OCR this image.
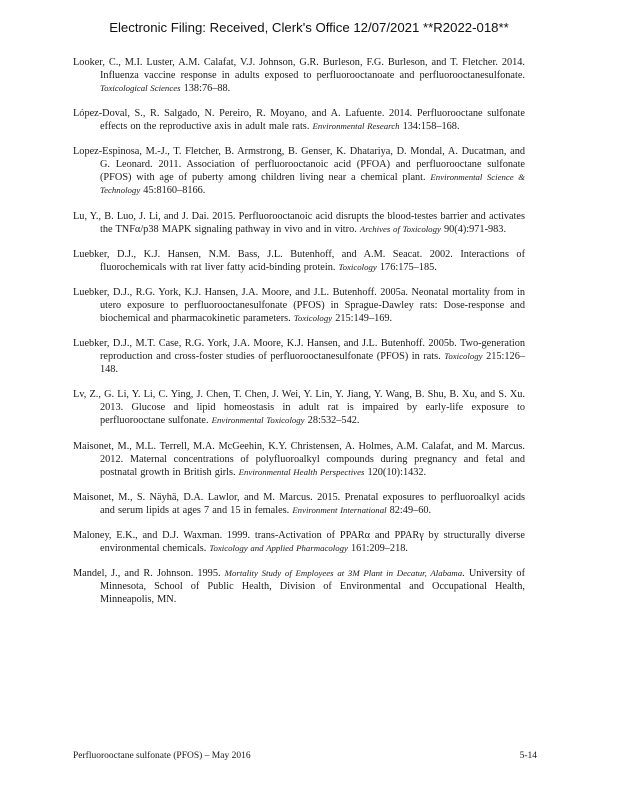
Electronic Filing: Received, Clerk's Office 12/07/2021 **R2022-018**

Looker, C., M.I. Luster, A.M. Calafat, V.J. Johnson, G.R. Burleson, F.G. Burleson, and T. Fletcher. 2014. Influenza vaccine response in adults exposed to perfluorooctanoate and perfluorooctanesulfonate. Toxicological Sciences 138:76–88.

López-Doval, S., R. Salgado, N. Pereiro, R. Moyano, and A. Lafuente. 2014. Perfluorooctane sulfonate effects on the reproductive axis in adult male rats. Environmental Research 134:158–168.

Lopez-Espinosa, M.-J., T. Fletcher, B. Armstrong, B. Genser, K. Dhatariya, D. Mondal, A. Ducatman, and G. Leonard. 2011. Association of perfluorooctanoic acid (PFOA) and perfluorooctane sulfonate (PFOS) with age of puberty among children living near a chemical plant. Environmental Science & Technology 45:8160–8166.

Lu, Y., B. Luo, J. Li, and J. Dai. 2015. Perfluorooctanoic acid disrupts the blood-testes barrier and activates the TNFα/p38 MAPK signaling pathway in vivo and in vitro. Archives of Toxicology 90(4):971-983.

Luebker, D.J., K.J. Hansen, N.M. Bass, J.L. Butenhoff, and A.M. Seacat. 2002. Interactions of fluorochemicals with rat liver fatty acid-binding protein. Toxicology 176:175–185.

Luebker, D.J., R.G. York, K.J. Hansen, J.A. Moore, and J.L. Butenhoff. 2005a. Neonatal mortality from in utero exposure to perfluorooctanesulfonate (PFOS) in Sprague-Dawley rats: Dose-response and biochemical and pharmacokinetic parameters. Toxicology 215:149–169.

Luebker, D.J., M.T. Case, R.G. York, J.A. Moore, K.J. Hansen, and J.L. Butenhoff. 2005b. Two-generation reproduction and cross-foster studies of perfluorooctanesulfonate (PFOS) in rats. Toxicology 215:126–148.

Lv, Z., G. Li, Y. Li, C. Ying, J. Chen, T. Chen, J. Wei, Y. Lin, Y. Jiang, Y. Wang, B. Shu, B. Xu, and S. Xu. 2013. Glucose and lipid homeostasis in adult rat is impaired by early-life exposure to perfluorooctane sulfonate. Environmental Toxicology 28:532–542.

Maisonet, M., M.L. Terrell, M.A. McGeehin, K.Y. Christensen, A. Holmes, A.M. Calafat, and M. Marcus. 2012. Maternal concentrations of polyfluoroalkyl compounds during pregnancy and fetal and postnatal growth in British girls. Environmental Health Perspectives 120(10):1432.

Maisonet, M., S. Näyhä, D.A. Lawlor, and M. Marcus. 2015. Prenatal exposures to perfluoroalkyl acids and serum lipids at ages 7 and 15 in females. Environment International 82:49–60.

Maloney, E.K., and D.J. Waxman. 1999. trans-Activation of PPARα and PPARγ by structurally diverse environmental chemicals. Toxicology and Applied Pharmacology 161:209–218.

Mandel, J., and R. Johnson. 1995. Mortality Study of Employees at 3M Plant in Decatur, Alabama. University of Minnesota, School of Public Health, Division of Environmental and Occupational Health, Minneapolis, MN.

Perfluorooctane sulfonate (PFOS) – May 2016	5-14
